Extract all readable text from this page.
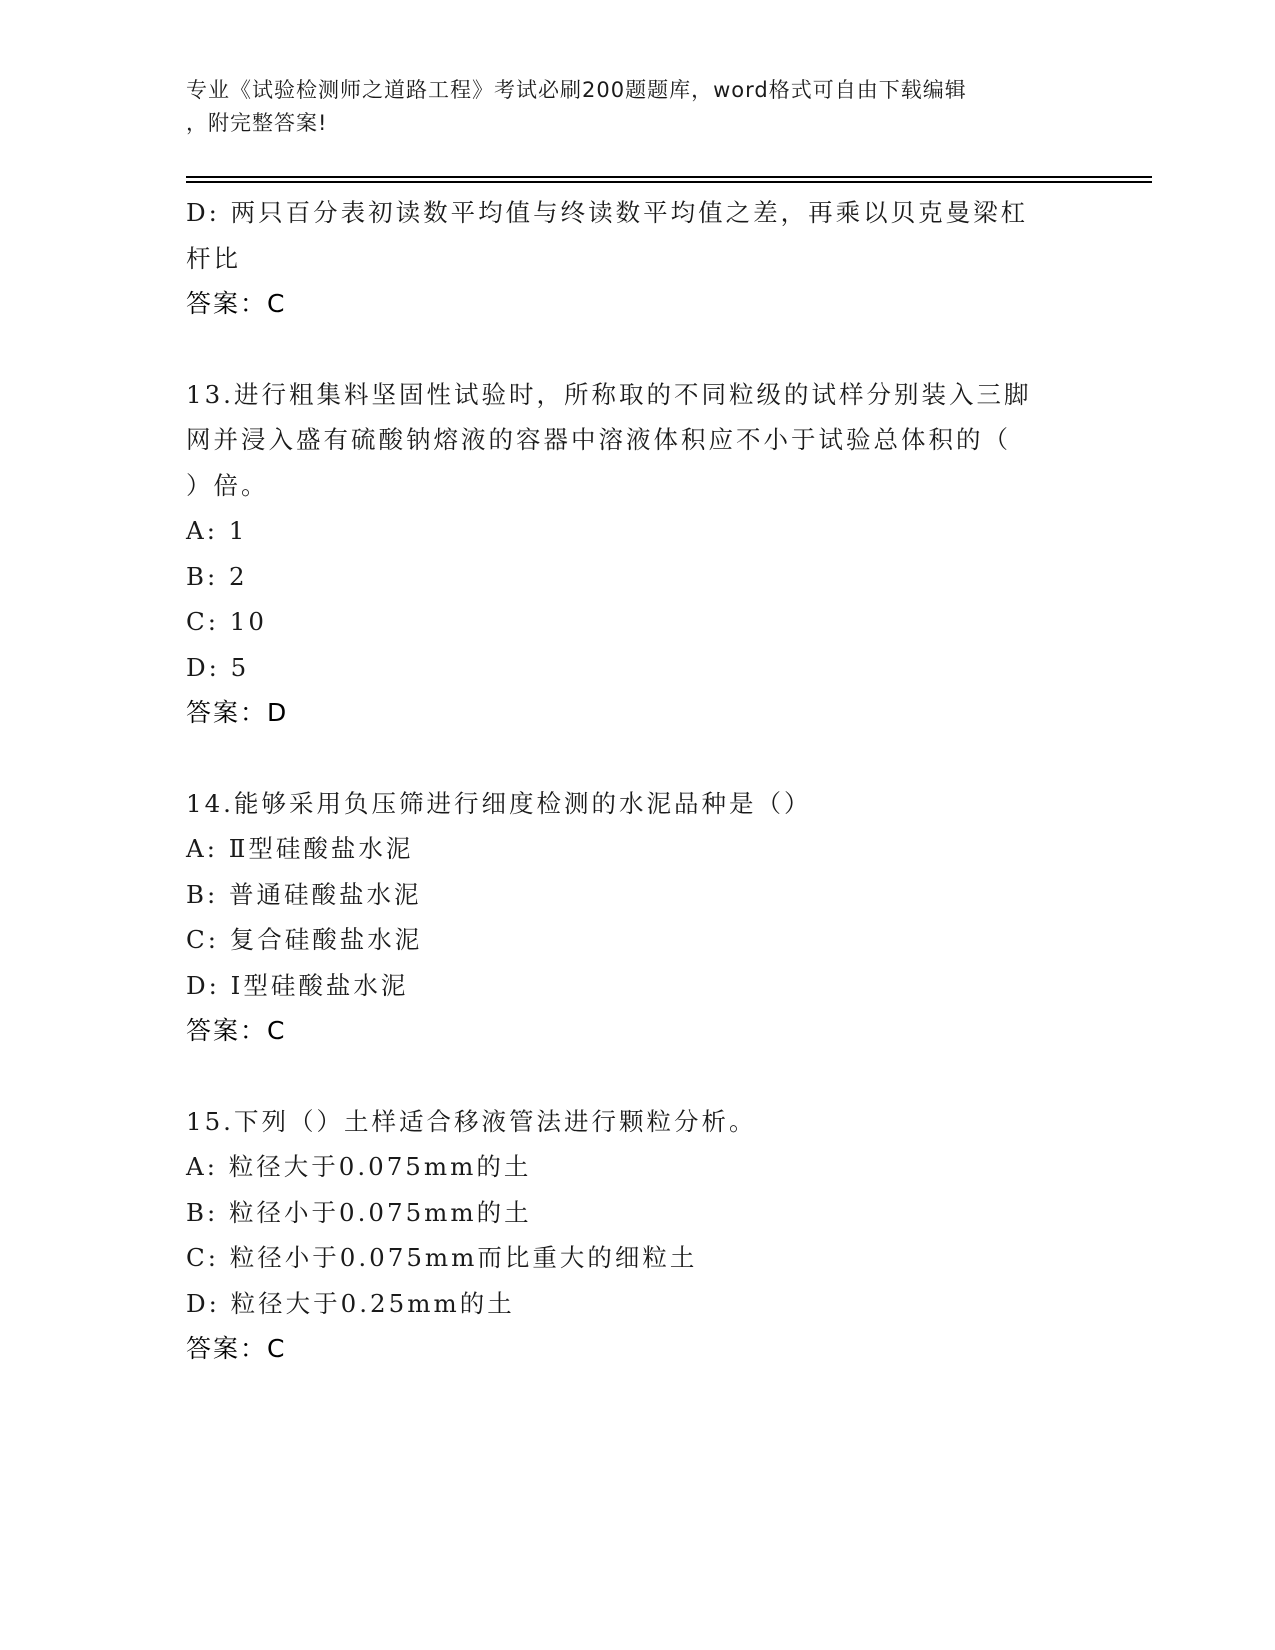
专业《试验检测师之道路工程》考试必刷200题题库，word格式可自由下载编辑
，附完整答案!
D: 两只百分表初读数平均值与终读数平均值之差，再乘以贝克曼梁杠
杆比
答案：C
13.进行粗集料坚固性试验时，所称取的不同粒级的试样分别装入三脚
网并浸入盛有硫酸钠熔液的容器中溶液体积应不小于试验总体积的（
）倍。
A: 1
B: 2
C: 10
D: 5
答案：D
14.能够采用负压筛进行细度检测的水泥品种是（）
A: Ⅱ型硅酸盐水泥
B: 普通硅酸盐水泥
C: 复合硅酸盐水泥
D: Ⅰ型硅酸盐水泥
答案：C
15.下列（）土样适合移液管法进行颗粒分析。
A: 粒径大于0.075mm的土
B: 粒径小于0.075mm的土
C: 粒径小于0.075mm而比重大的细粒土
D: 粒径大于0.25mm的土
答案：C
